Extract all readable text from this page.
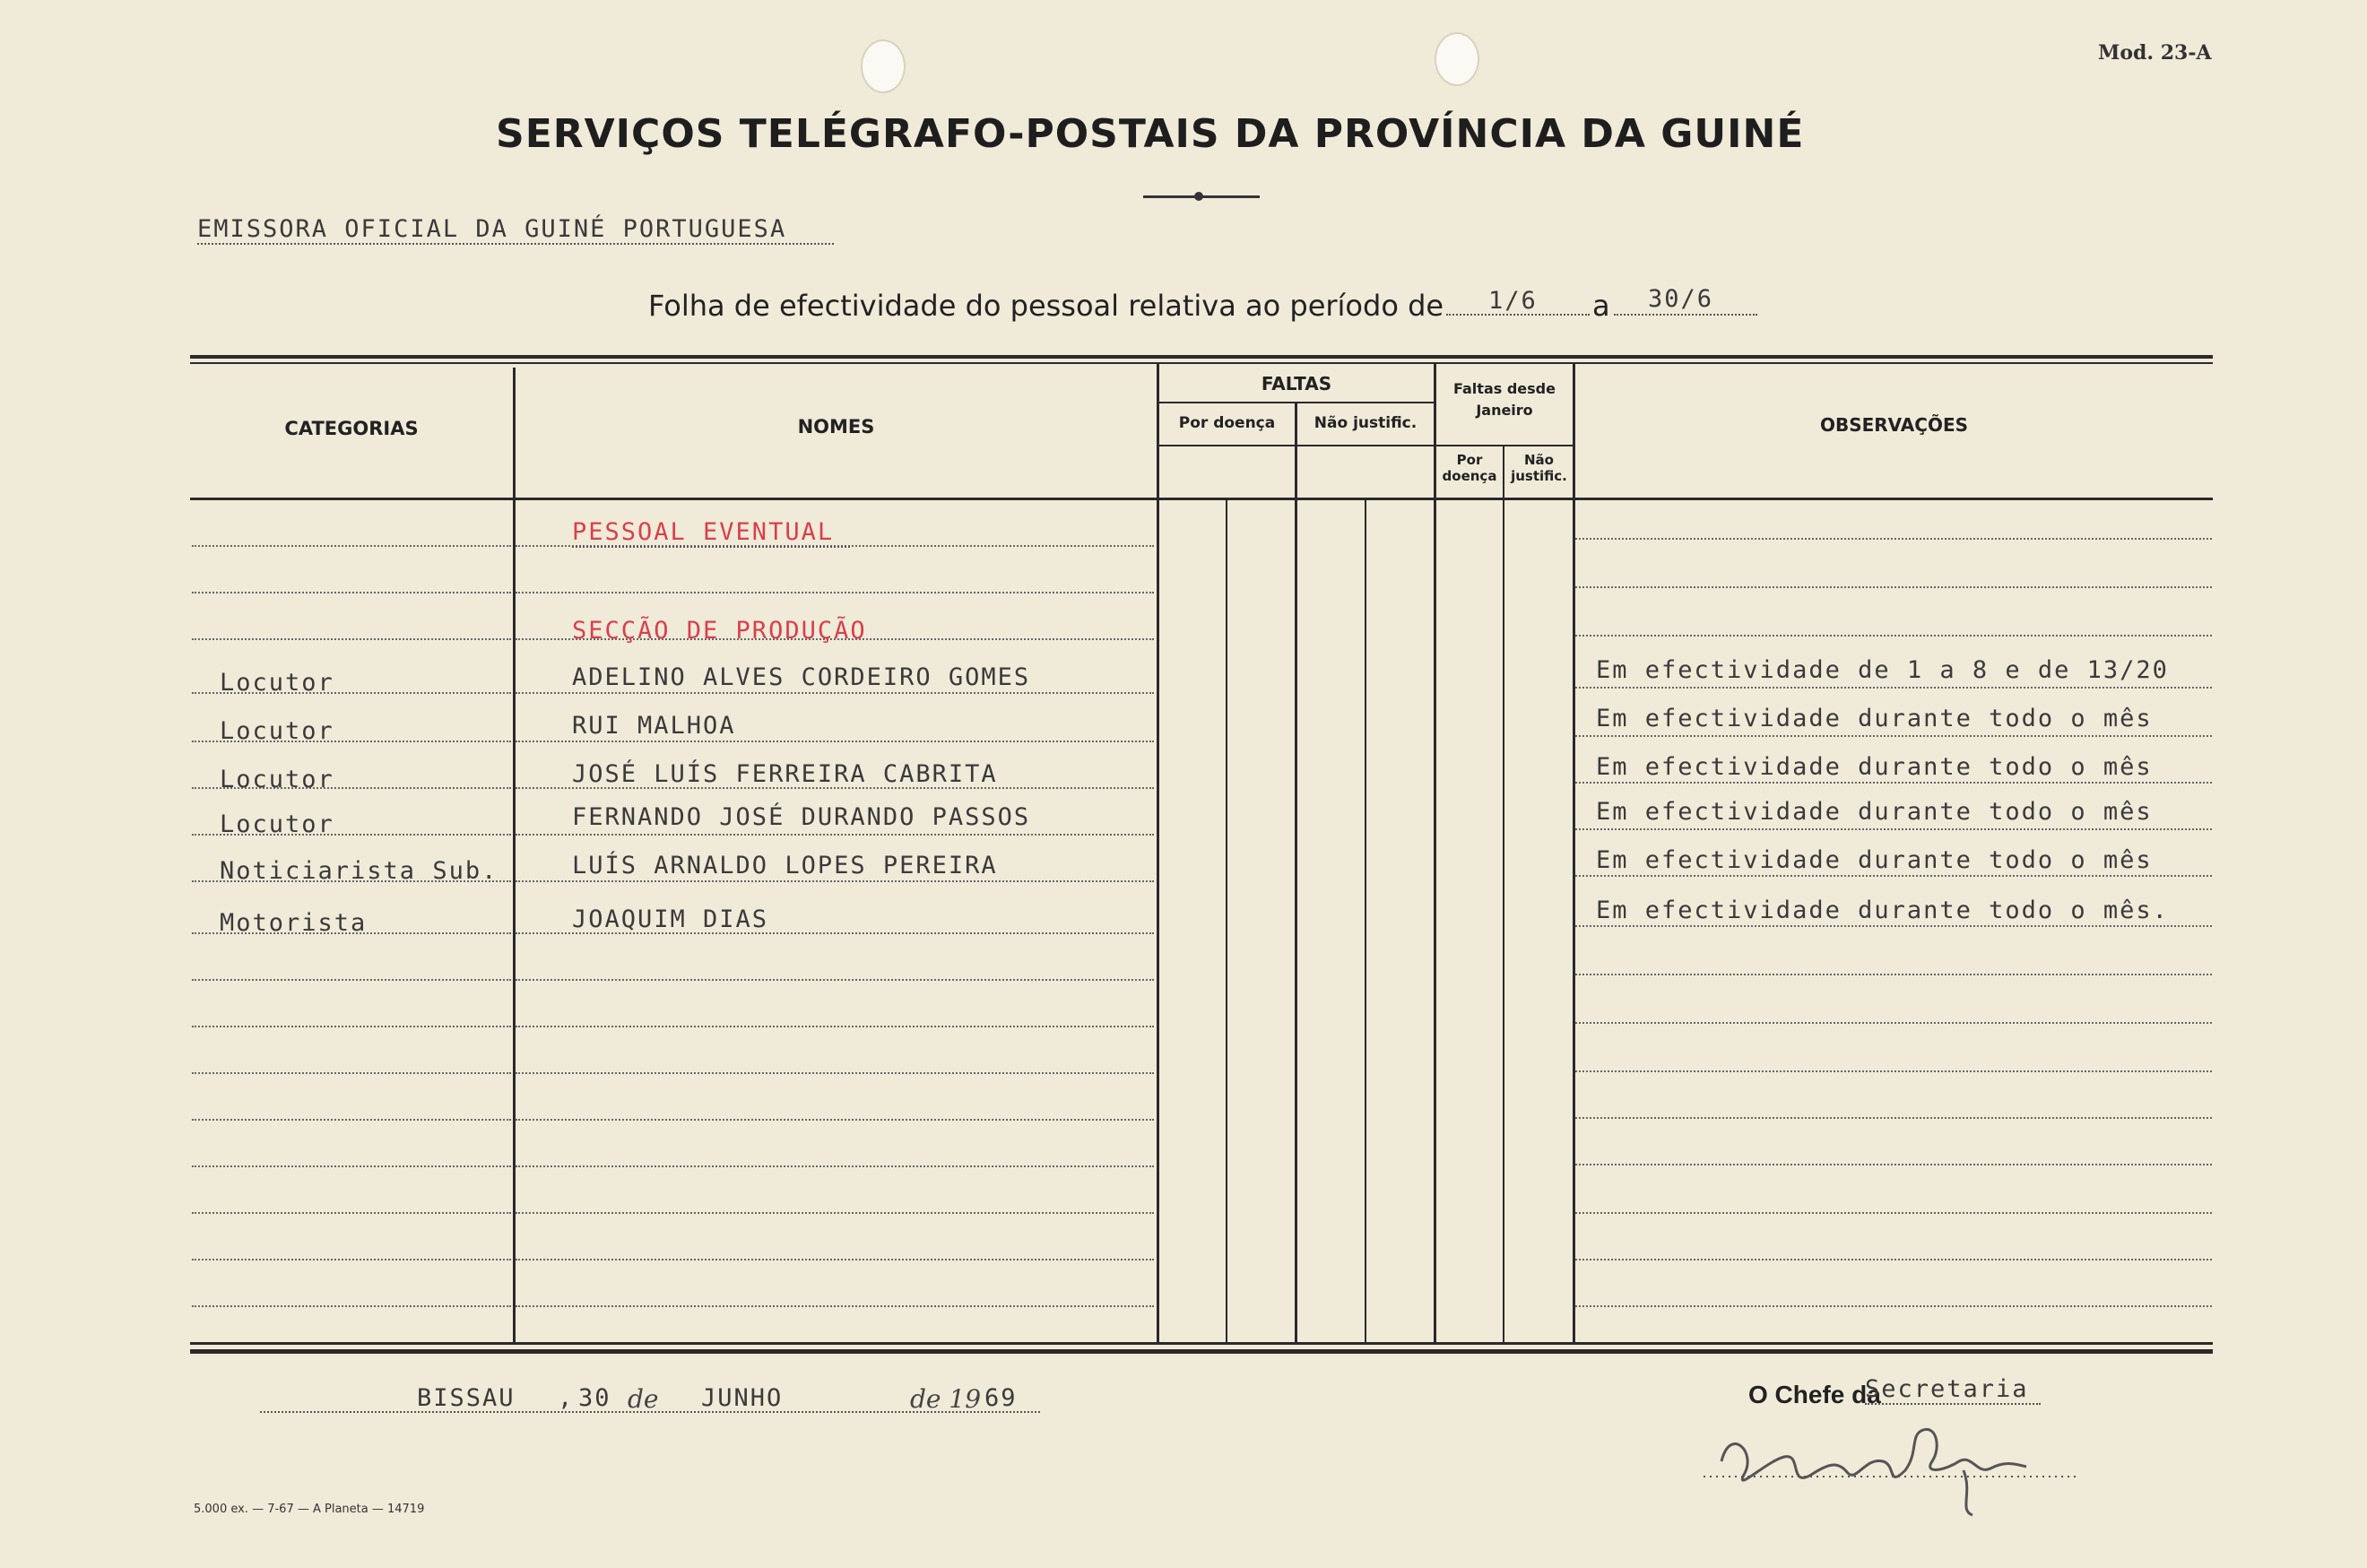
Mod. 23-A
SERVIÇOS TELÉGRAFO-POSTAIS DA PROVÍNCIA DA GUINÉ
EMISSORA OFICIAL DA GUINÉ PORTUGUESA
Folha de efectividade do pessoal relativa ao período de 1/6 a 30/6
CATEGORIAS	NOMES
FALTAS
Por doença	Não justific.
Faltas desde
Janeiro
Por
doença
Não
justific.
OBSERVAÇÕES
PESSOAL EVENTUAL
SECÇÃO DE PRODUÇÃO
Locutor	ADELINO ALVES CORDEIRO GOMES	Em efectividade de 1 a 8 e de 13/20
Locutor	RUI MALHOA	Em efectividade durante todo o mês
Locutor	JOSÉ LUÍS FERREIRA CABRITA	Em efectividade durante todo o mês
Locutor	FERNANDO JOSÉ DURANDO PASSOS	Em efectividade durante todo o mês
Noticiarista Sub.	LUÍS ARNALDO LOPES PEREIRA	Em efectividade durante todo o mês
Motorista	JOAQUIM DIAS	Em efectividade durante todo o mês.
BISSAU , 30 de JUNHO	de 19 69	O Chefe da
Secretaria
5.000 ex. — 7-67 — A Planeta — 14719
